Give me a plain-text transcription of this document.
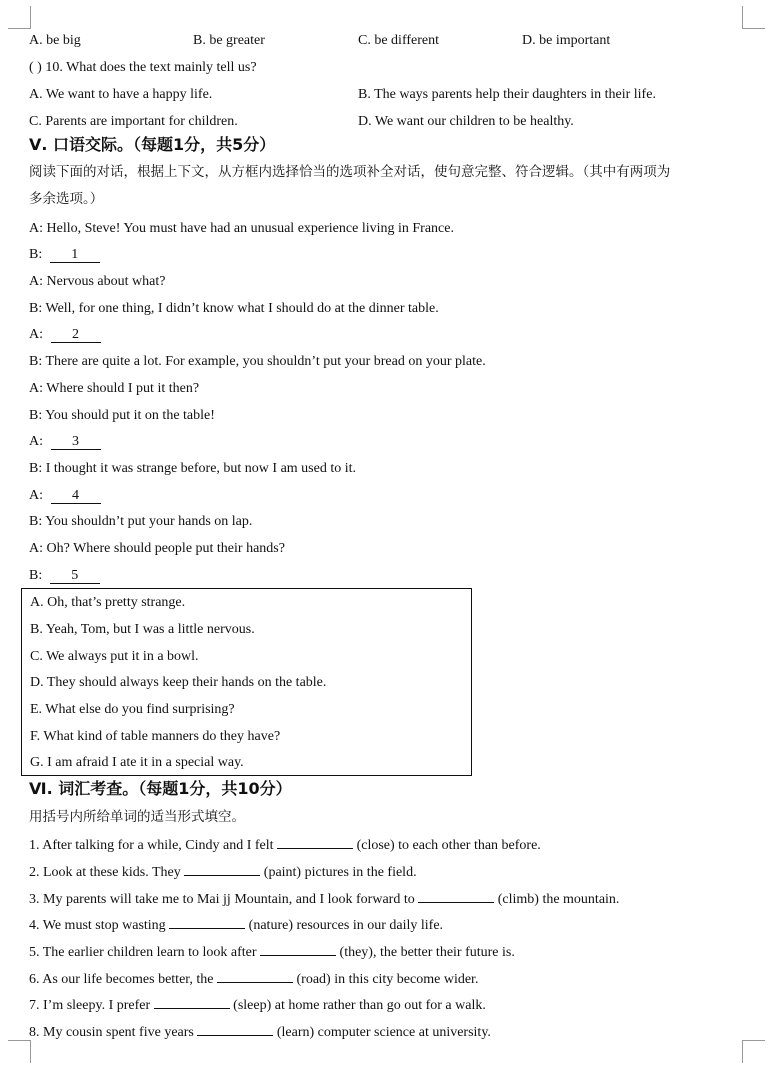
A. be big	B. be greater	C. be different	D. be important
( ) 10. What does the text mainly tell us?
A. We want to have a happy life.	B. The ways parents help their daughters in their life.
C. Parents are important for children.	D. We want our children to be healthy.
Ⅴ. 口语交际。（每题1分，共5分）
阅读下面的对话，根据上下文，从方框内选择恰当的选项补全对话，使句意完整、符合逻辑。（其中有两项为
多余选项。）
A: Hello, Steve! You must have had an unusual experience living in France.
B: 1
A: Nervous about what?
B: Well, for one thing, I didn’t know what I should do at the dinner table.
A: 2
B: There are quite a lot. For example, you shouldn’t put your bread on your plate.
A: Where should I put it then?
B: You should put it on the table!
A: 3
B: I thought it was strange before, but now I am used to it.
A: 4
B: You shouldn’t put your hands on lap.
A: Oh? Where should people put their hands?
B: 5
A. Oh, that’s pretty strange.
B. Yeah, Tom, but I was a little nervous.
C. We always put it in a bowl.
D. They should always keep their hands on the table.
E. What else do you find surprising?
F. What kind of table manners do they have?
G. I am afraid I ate it in a special way.
Ⅵ. 词汇考查。（每题1分，共10分）
用括号内所给单词的适当形式填空。
1. After talking for a while, Cindy and I felt	(close) to each other than before.
2. Look at these kids. They	(paint) pictures in the field.
3. My parents will take me to Mai jj Mountain, and I look forward to	(climb) the mountain.
4. We must stop wasting	(nature) resources in our daily life.
5. The earlier children learn to look after	(they), the better their future is.
6. As our life becomes better, the	(road) in this city become wider.
7. I’m sleepy. I prefer	(sleep) at home rather than go out for a walk.
8. My cousin spent five years	(learn) computer science at university.
